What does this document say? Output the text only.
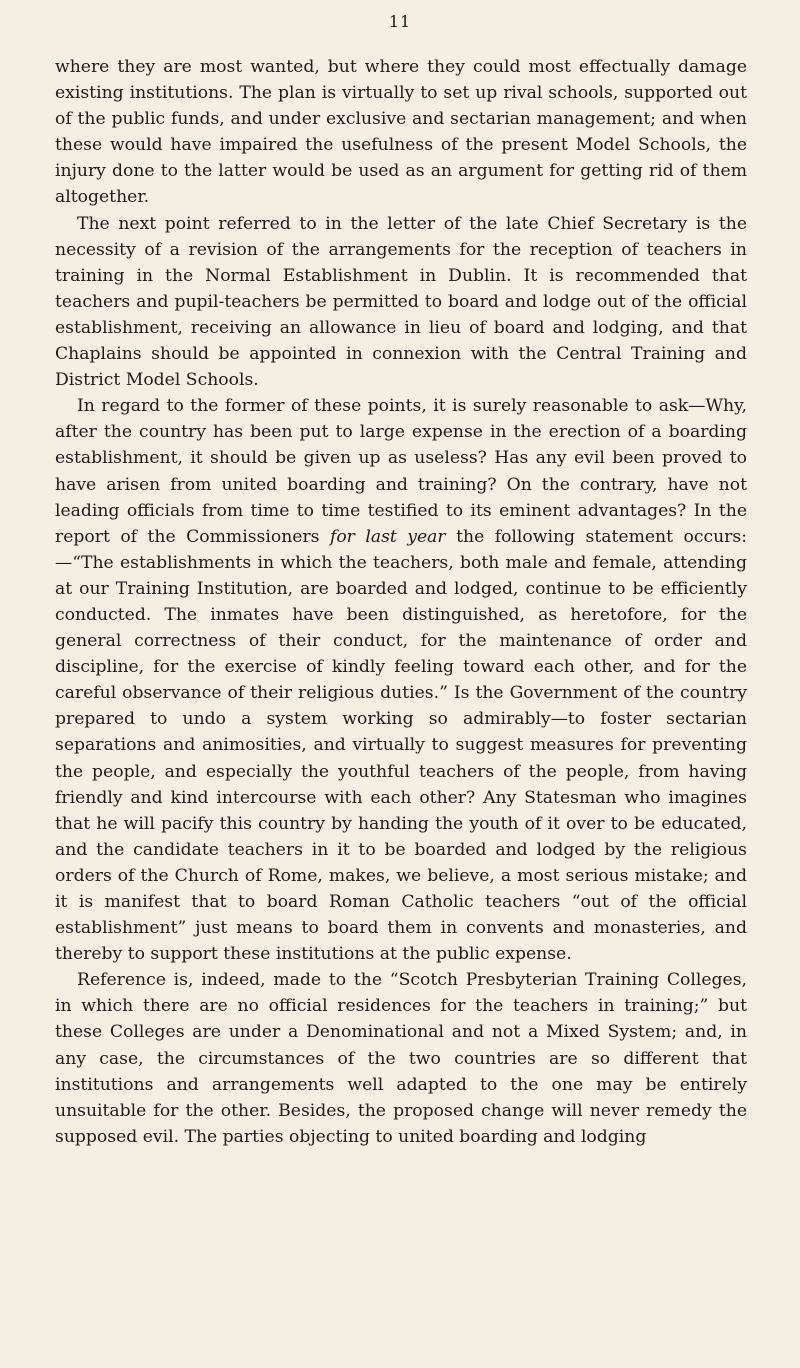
11

where they are most wanted, but where they could most effectually damage existing institutions. The plan is virtually to set up rival schools, supported out of the public funds, and under exclusive and sectarian management; and when these would have impaired the usefulness of the present Model Schools, the injury done to the latter would be used as an argument for getting rid of them altogether.

The next point referred to in the letter of the late Chief Secretary is the necessity of a revision of the arrangements for the reception of teachers in training in the Normal Establishment in Dublin. It is recommended that teachers and pupil-teachers be permitted to board and lodge out of the official establishment, receiving an allowance in lieu of board and lodging, and that Chaplains should be appointed in connexion with the Central Training and District Model Schools.

In regard to the former of these points, it is surely reasonable to ask—Why, after the country has been put to large expense in the erection of a boarding establishment, it should be given up as useless? Has any evil been proved to have arisen from united boarding and training? On the contrary, have not leading officials from time to time testified to its eminent advantages? In the report of the Commissioners for last year the following statement occurs:—“The establishments in which the teachers, both male and female, attending at our Training Institution, are boarded and lodged, continue to be efficiently conducted. The inmates have been distinguished, as heretofore, for the general correctness of their conduct, for the maintenance of order and discipline, for the exercise of kindly feeling toward each other, and for the careful observance of their religious duties.” Is the Government of the country prepared to undo a system working so admirably—to foster sectarian separations and animosities, and virtually to suggest measures for preventing the people, and especially the youthful teachers of the people, from having friendly and kind intercourse with each other? Any Statesman who imagines that he will pacify this country by handing the youth of it over to be educated, and the candidate teachers in it to be boarded and lodged by the religious orders of the Church of Rome, makes, we believe, a most serious mistake; and it is manifest that to board Roman Catholic teachers “out of the official establishment” just means to board them in convents and monasteries, and thereby to support these institutions at the public expense.

Reference is, indeed, made to the “Scotch Presbyterian Training Colleges, in which there are no official residences for the teachers in training;” but these Colleges are under a Denominational and not a Mixed System; and, in any case, the circumstances of the two countries are so different that institutions and arrangements well adapted to the one may be entirely unsuitable for the other. Besides, the proposed change will never remedy the supposed evil. The parties objecting to united boarding and lodging
